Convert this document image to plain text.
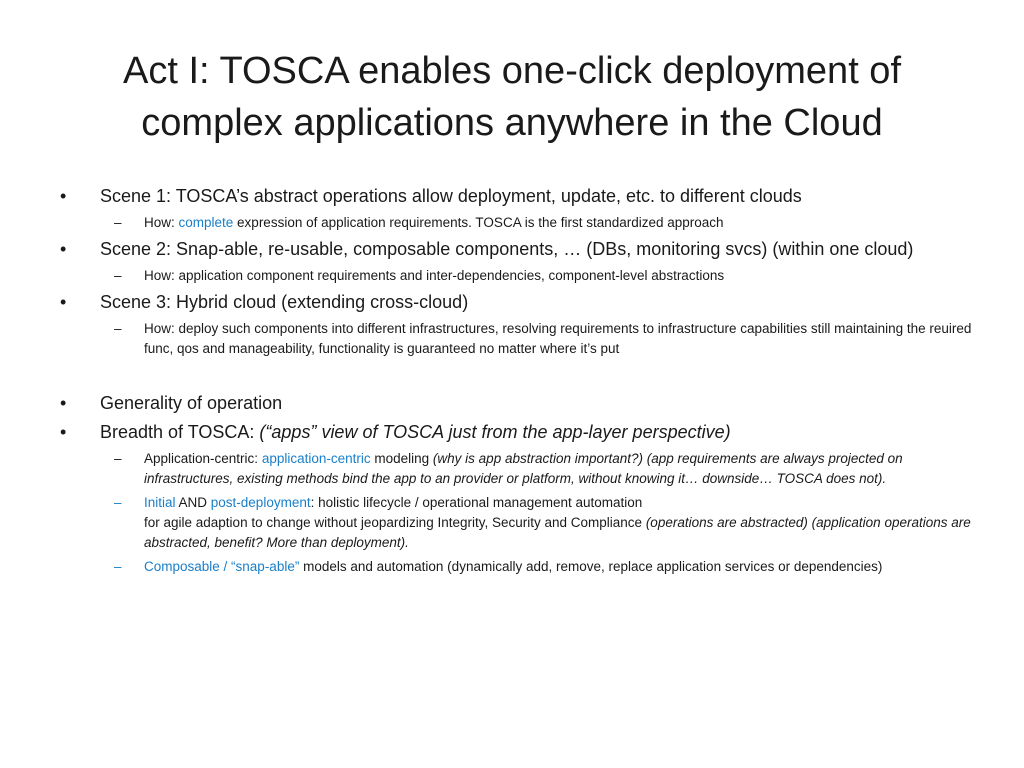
Act I: TOSCA enables one-click deployment of
complex applications anywhere in the Cloud
•	Scene 1: TOSCA’s abstract operations allow deployment, update, etc. to different clouds
– How: complete expression of application requirements. TOSCA is the first standardized approach
•	Scene 2: Snap-able, re-usable, composable components, … (DBs, monitoring svcs) (within one cloud)
– How: application component requirements and inter-dependencies, component-level abstractions
•	Scene 3: Hybrid cloud (extending cross-cloud)
– How: deploy such components into different infrastructures, resolving requirements to infrastructure capabilities still maintaining the reuired func, qos and manageability, functionality is guaranteed no matter where it’s put
•	Generality of operation
•	Breadth of TOSCA: (“apps” view of TOSCA just from the app-layer perspective)
– Application-centric: application-centric modeling (why is app abstraction important?) (app requirements are always projected on infrastructures, existing methods bind the app to an provider or platform, without knowing it… downside… TOSCA does not).
– Initial AND post-deployment: holistic lifecycle / operational management automation
for agile adaption to change without jeopardizing Integrity, Security and Compliance (operations are abstracted) (application operations are abstracted, benefit? More than deployment).
– Composable / “snap-able” models and automation (dynamically add, remove, replace application services or dependencies)
